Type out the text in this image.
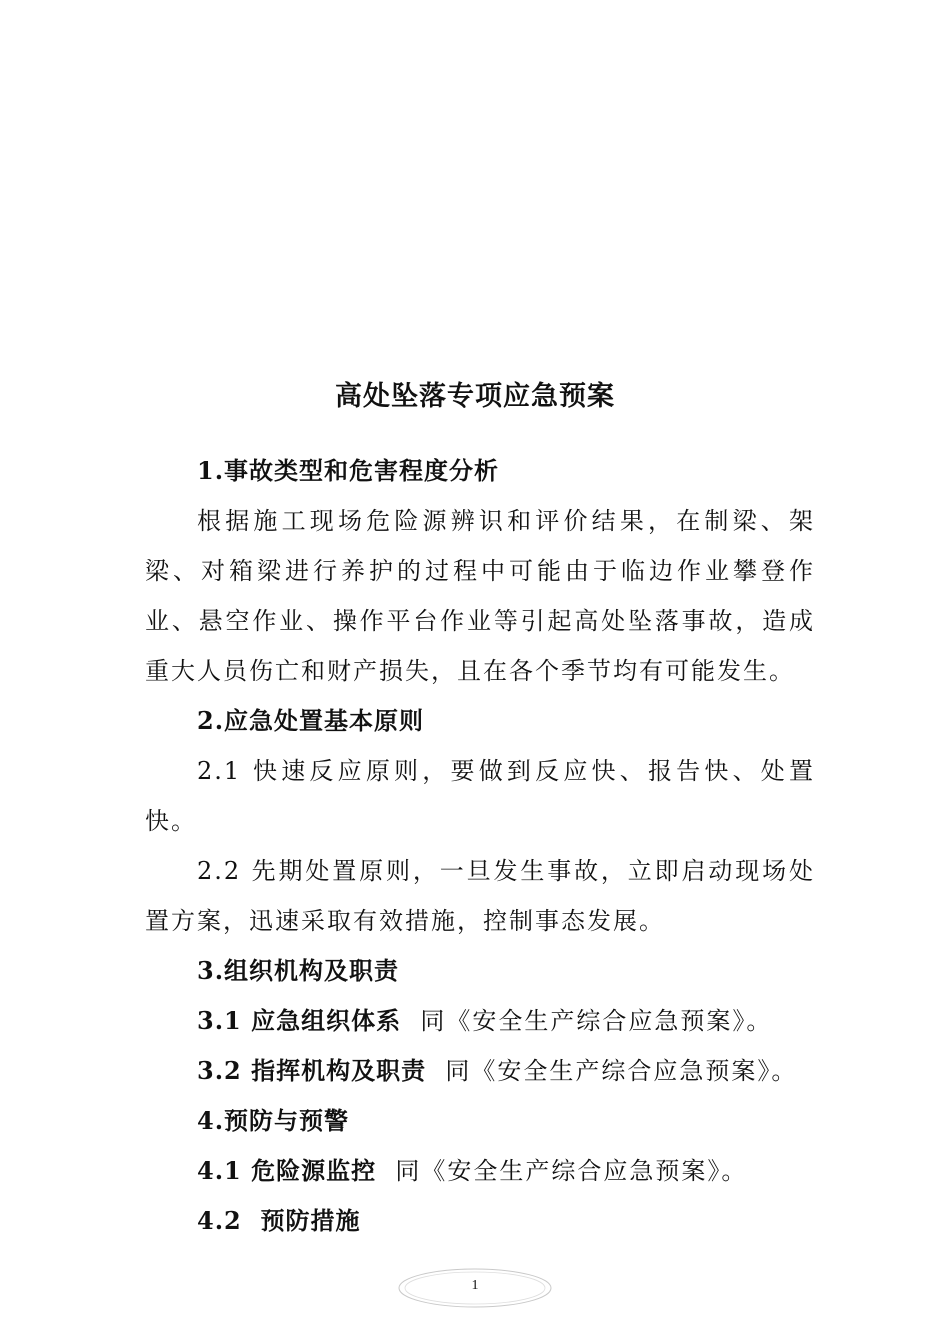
高处坠落专项应急预案

1.事故类型和危害程度分析

根据施工现场危险源辨识和评价结果，在制梁、架梁、对箱梁进行养护的过程中可能由于临边作业攀登作业、悬空作业、操作平台作业等引起高处坠落事故，造成重大人员伤亡和财产损失，且在各个季节均有可能发生。

2.应急处置基本原则

2.1 快速反应原则，要做到反应快、报告快、处置快。

2.2 先期处置原则，一旦发生事故，立即启动现场处置方案，迅速采取有效措施，控制事态发展。

3.组织机构及职责

3.1 应急组织体系 同《安全生产综合应急预案》。

3.2 指挥机构及职责 同《安全生产综合应急预案》。

4.预防与预警

4.1 危险源监控 同《安全生产综合应急预案》。

4.2  预防措施

1
